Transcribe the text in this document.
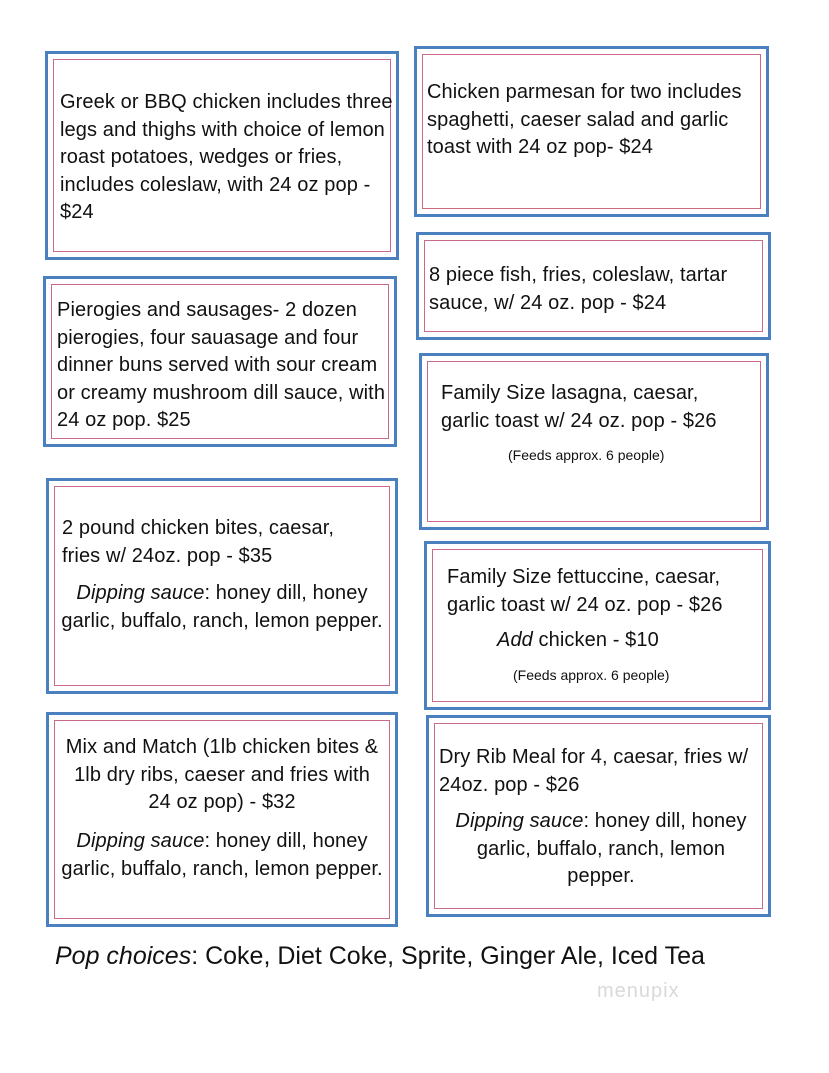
Greek or BBQ chicken includes three legs and thighs with choice of lemon roast potatoes, wedges or fries, includes coleslaw, with 24 oz pop - $24
Chicken parmesan for two includes spaghetti, caeser salad and garlic toast with 24 oz pop- $24
8 piece fish, fries, coleslaw, tartar sauce, w/ 24 oz. pop - $24
Pierogies and sausages- 2 dozen pierogies, four sauasage and four dinner buns served with sour cream or creamy mushroom dill sauce, with 24 oz pop. $25
Family Size lasagna, caesar, garlic toast w/ 24 oz. pop - $26
(Feeds approx. 6 people)
2 pound chicken bites, caesar, fries w/ 24oz. pop - $35
Dipping sauce: honey dill, honey garlic, buffalo, ranch, lemon pepper.
Family Size fettuccine, caesar, garlic toast w/ 24 oz. pop - $26
Add chicken - $10
(Feeds approx. 6 people)
Mix and Match (1lb chicken bites & 1lb dry ribs, caeser and fries with 24 oz pop) - $32
Dipping sauce: honey dill, honey garlic, buffalo, ranch, lemon pepper.
Dry Rib Meal for 4, caesar, fries w/ 24oz. pop - $26
Dipping sauce: honey dill, honey garlic, buffalo, ranch, lemon pepper.
Pop choices: Coke, Diet Coke, Sprite, Ginger Ale, Iced Tea
menupix
